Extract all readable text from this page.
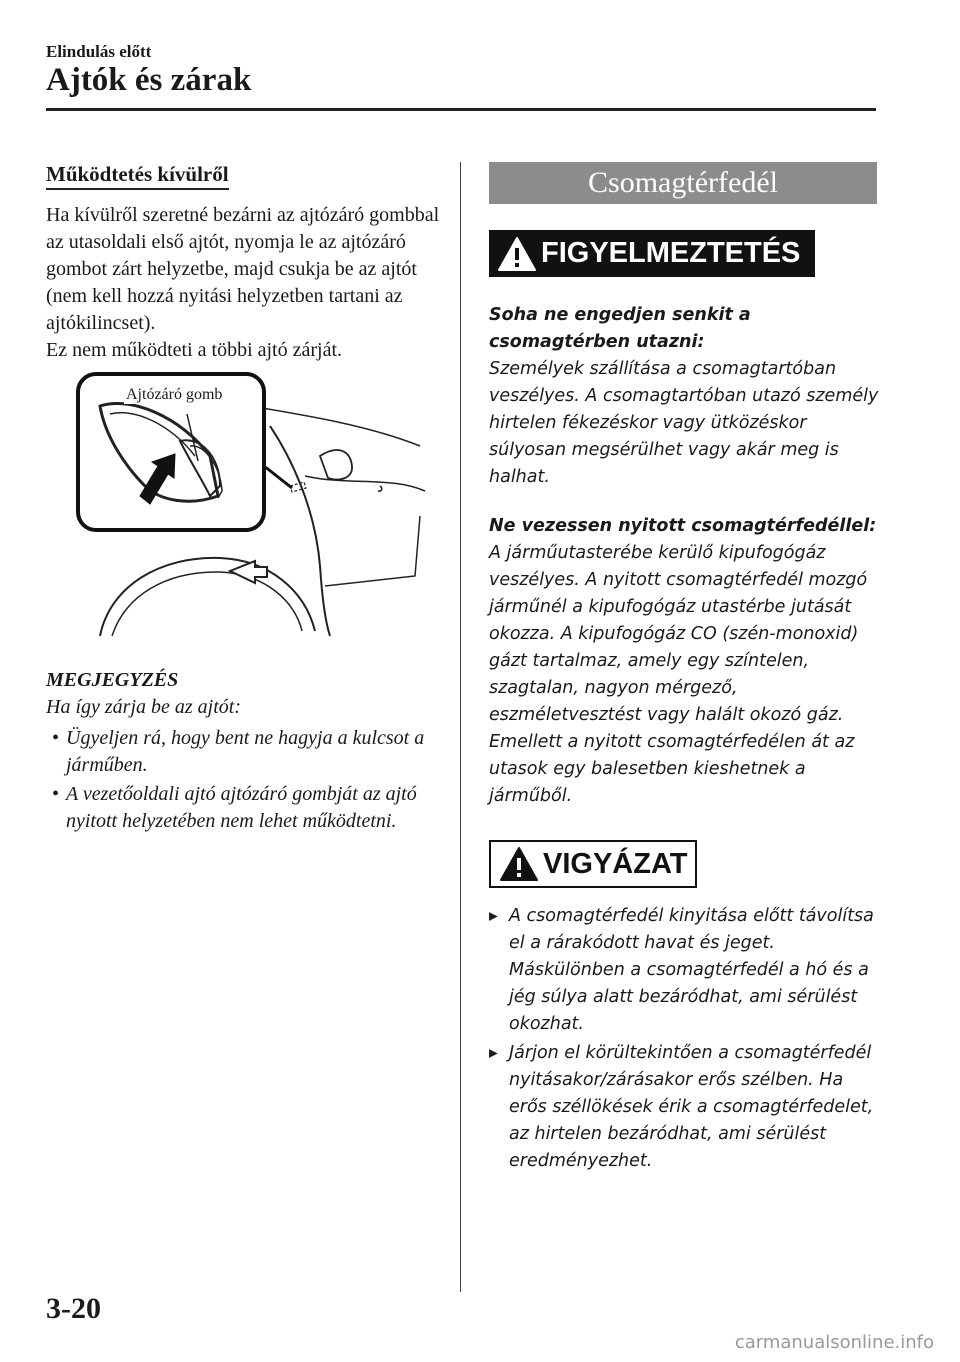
Elindulás előtt
Ajtók és zárak
Működtetés kívülről
Ha kívülről szeretné bezárni az ajtózáró gombbal az utasoldali első ajtót, nyomja le az ajtózáró gombot zárt helyzetbe, majd csukja be az ajtót (nem kell hozzá nyitási helyzetben tartani az ajtókilincset).
Ez nem működteti a többi ajtó zárját.
Ajtózáró gomb
MEGJEGYZÉS
Ha így zárja be az ajtót:
• Ügyeljen rá, hogy bent ne hagyja a kulcsot a járműben.
• A vezetőoldali ajtó ajtózáró gombját az ajtó nyitott helyzetében nem lehet működtetni.
Csomagtérfedél
FIGYELMEZTETÉS

Soha ne engedjen senkit a csomagtérben utazni:
Személyek szállítása a csomagtartóban veszélyes. A csomagtartóban utazó személy hirtelen fékezéskor vagy ütközéskor súlyosan megsérülhet vagy akár meg is halhat.

Ne vezessen nyitott csomagtérfedéllel:
A járműutasterébe kerülő kipufogógáz veszélyes. A nyitott csomagtérfedél mozgó járműnél a kipufogógáz utastérbe jutását okozza. A kipufogógáz CO (szén-monoxid) gázt tartalmaz, amely egy színtelen, szagtalan, nagyon mérgező, eszméletvesztést vagy halált okozó gáz. Emellett a nyitott csomagtérfedélen át az utasok egy balesetben kieshetnek a járműből.

VIGYÁZAT
▸ A csomagtérfedél kinyitása előtt távolítsa el a rárakódott havat és jeget. Máskülönben a csomagtérfedél a hó és a jég súlya alatt bezáródhat, ami sérülést okozhat.
▸ Járjon el körültekintően a csomagtérfedél nyitásakor/zárásakor erős szélben. Ha erős széllökések érik a csomagtérfedelet, az hirtelen bezáródhat, ami sérülést eredményezhet.
3-20
carmanualsonline.info
